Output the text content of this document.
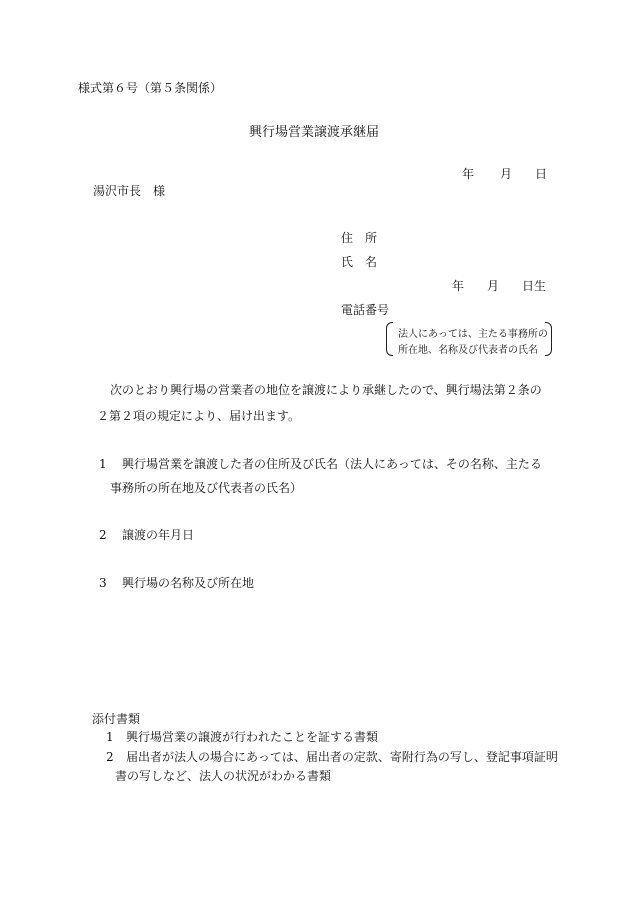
様式第６号（第５条関係）
興行場営業譲渡承継届
年 月 日
湯沢市長　様
住　所
氏　名
年 月 日生
電話番号
法人にあっては、主たる事務所の
所在地、名称及び代表者の氏名
次のとおり興行場の営業者の地位を譲渡により承継したので、興行場法第２条の
２第２項の規定により、届け出ます。
1 興行場営業を譲渡した者の住所及び氏名（法人にあっては、その名称、主たる
事務所の所在地及び代表者の氏名）
2 譲渡の年月日
3 興行場の名称及び所在地
添付書類
1 興行場営業の譲渡が行われたことを証する書類
2 届出者が法人の場合にあっては、届出者の定款、寄附行為の写し、登記事項証明
書の写しなど、法人の状況がわかる書類
